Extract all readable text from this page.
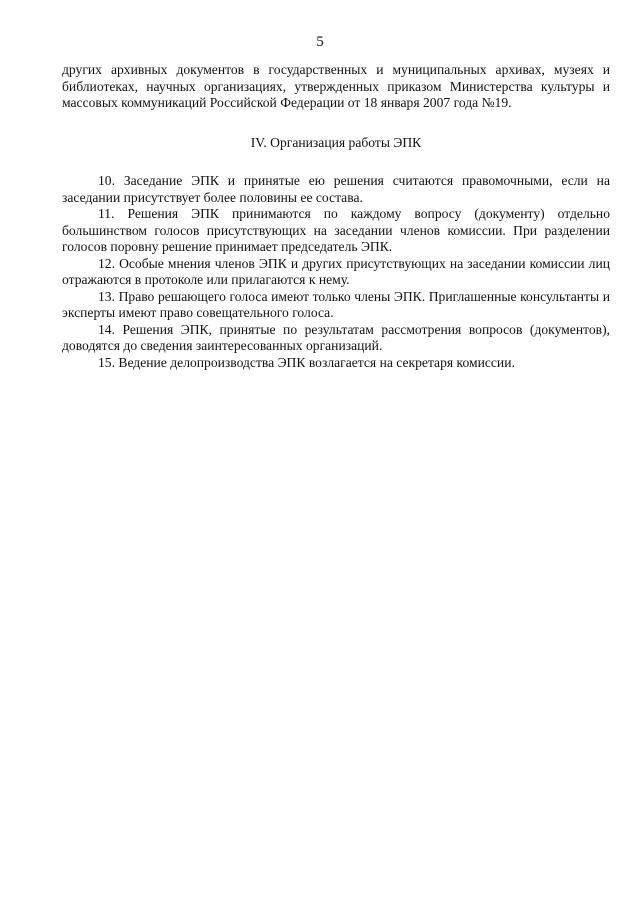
5

других архивных документов в государственных и муниципальных архивах, музеях и библиотеках, научных организациях, утвержденных приказом Министерства культуры и массовых коммуникаций Российской Федерации от 18 января 2007 года №19.

IV. Организация работы ЭПК

10. Заседание ЭПК и принятые ею решения считаются правомочными, если на заседании присутствует более половины ее состава.

11. Решения ЭПК принимаются по каждому вопросу (документу) отдельно большинством голосов присутствующих на заседании членов комиссии. При разделении голосов поровну решение принимает председатель ЭПК.

12. Особые мнения членов ЭПК и других присутствующих на заседании комиссии лиц отражаются в протоколе или прилагаются к нему.

13. Право решающего голоса имеют только члены ЭПК. Приглашенные консультанты и эксперты имеют право совещательного голоса.

14. Решения ЭПК, принятые по результатам рассмотрения вопросов (документов), доводятся до сведения заинтересованных организаций.

15. Ведение делопроизводства ЭПК возлагается на секретаря комиссии.
